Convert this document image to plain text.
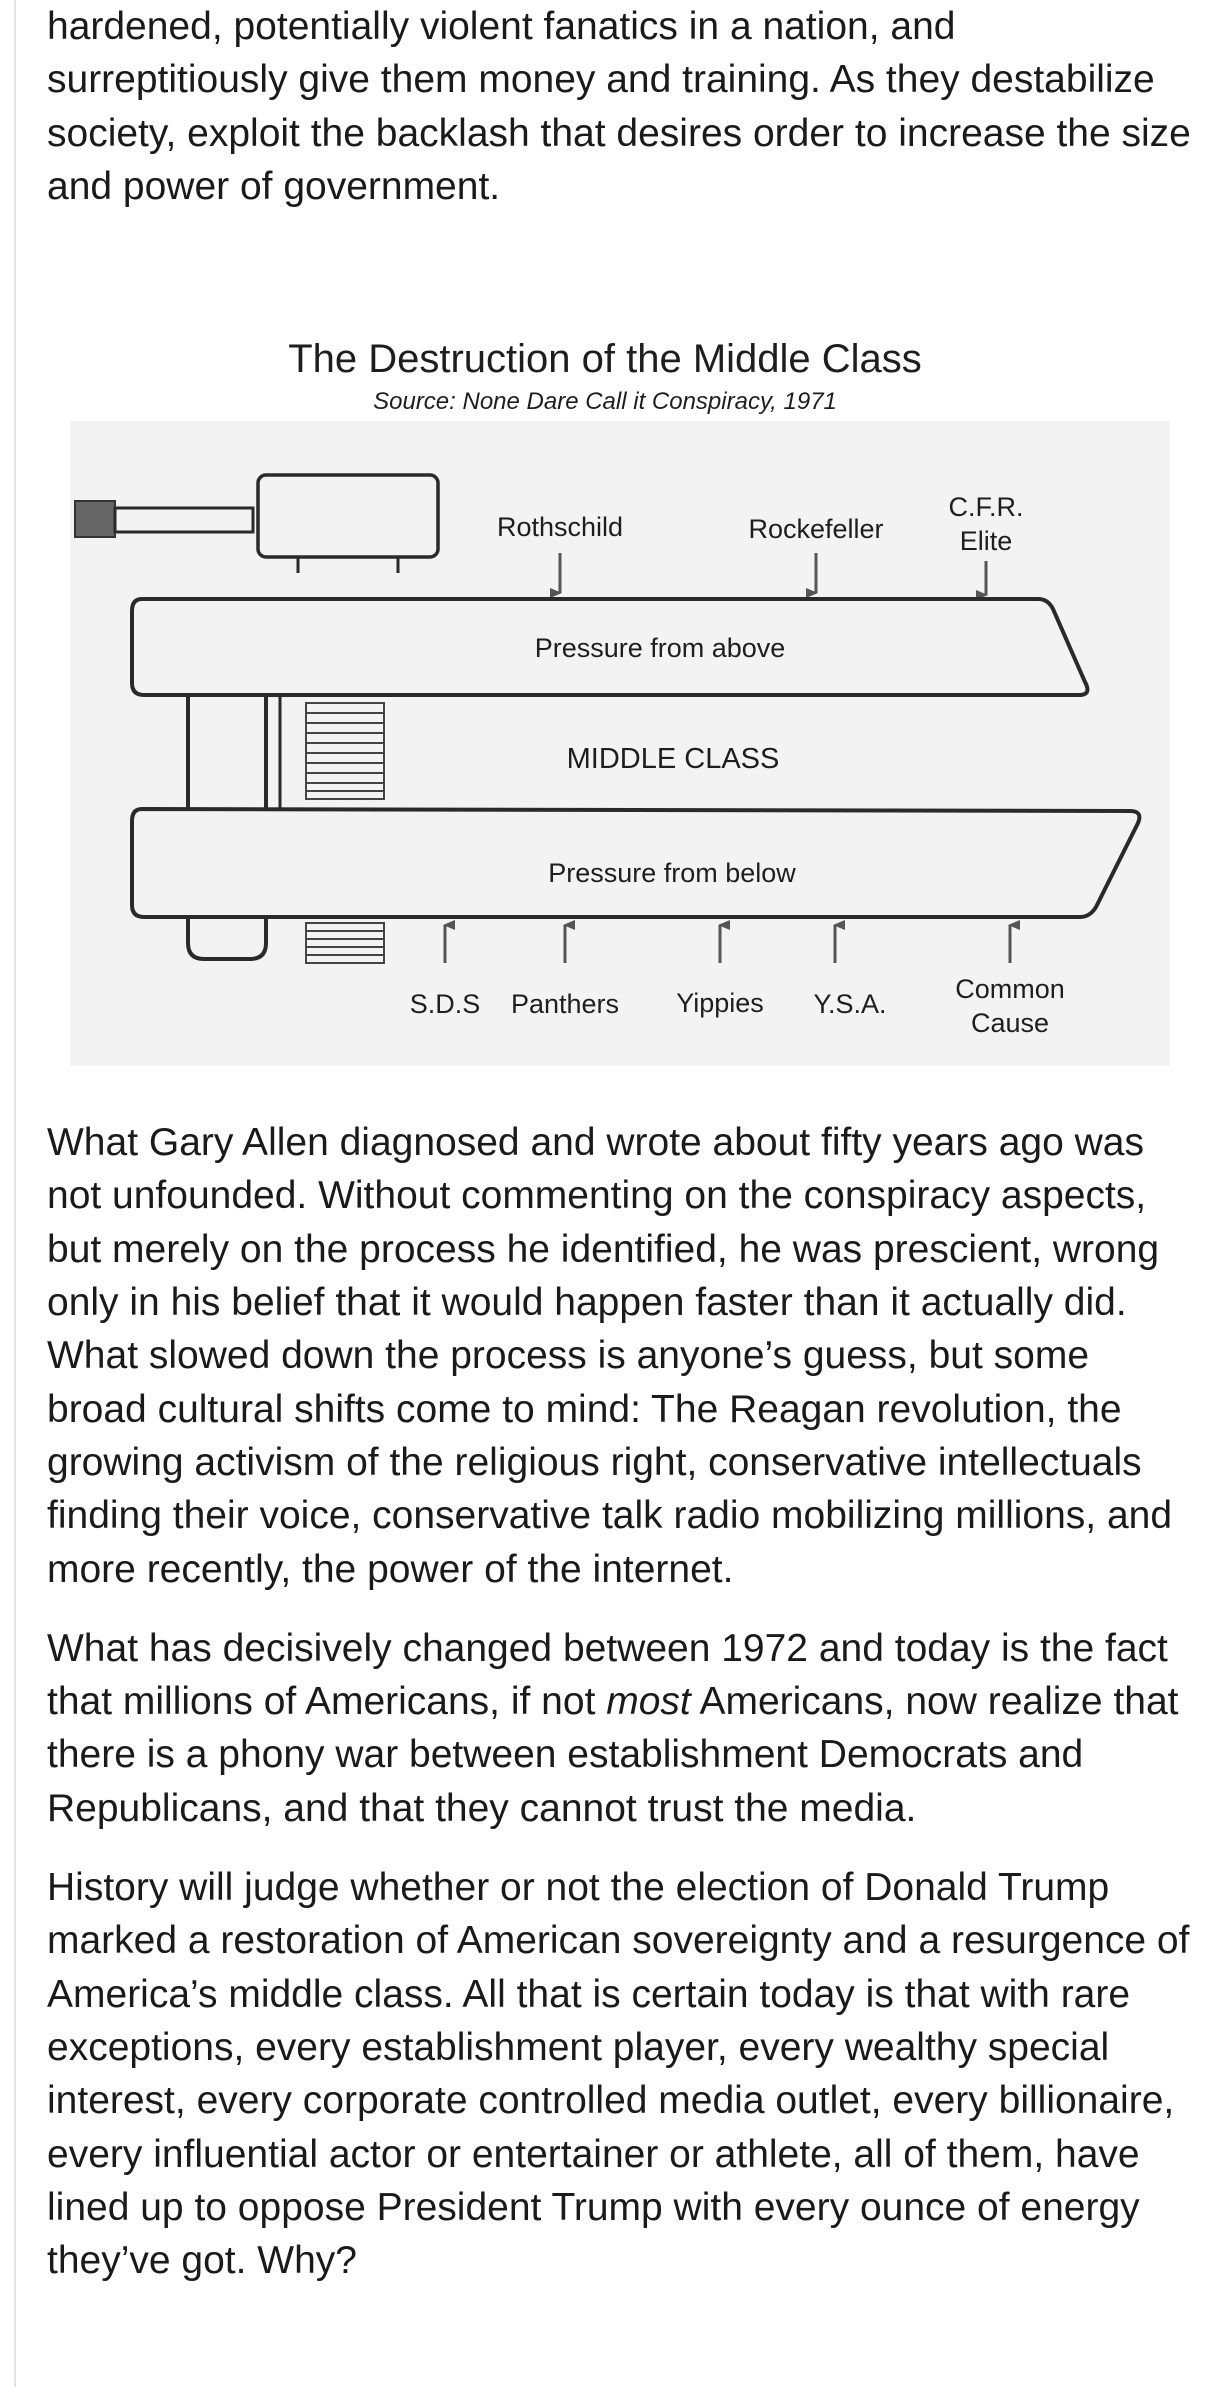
hardened, potentially violent fanatics in a nation, and surreptitiously give them money and training. As they destabilize society, exploit the backlash that desires order to increase the size and power of government.

The Destruction of the Middle Class
Source: None Dare Call it Conspiracy, 1971
Rothschild	Rockefeller
C.F.R.
Elite
Pressure from above
MIDDLE CLASS
Pressure from below
S.D.S Panthers Yippies Y.S.A.	Common
Cause

What Gary Allen diagnosed and wrote about fifty years ago was not unfounded. Without commenting on the conspiracy aspects, but merely on the process he identified, he was prescient, wrong only in his belief that it would happen faster than it actually did. What slowed down the process is anyone’s guess, but some broad cultural shifts come to mind: The Reagan revolution, the growing activism of the religious right, conservative intellectuals finding their voice, conservative talk radio mobilizing millions, and more recently, the power of the internet.

What has decisively changed between 1972 and today is the fact that millions of Americans, if not most Americans, now realize that there is a phony war between establishment Democrats and Republicans, and that they cannot trust the media.

History will judge whether or not the election of Donald Trump marked a restoration of American sovereignty and a resurgence of America’s middle class. All that is certain today is that with rare exceptions, every establishment player, every wealthy special interest, every corporate controlled media outlet, every billionaire, every influential actor or entertainer or athlete, all of them, have lined up to oppose President Trump with every ounce of energy they’ve got. Why?
